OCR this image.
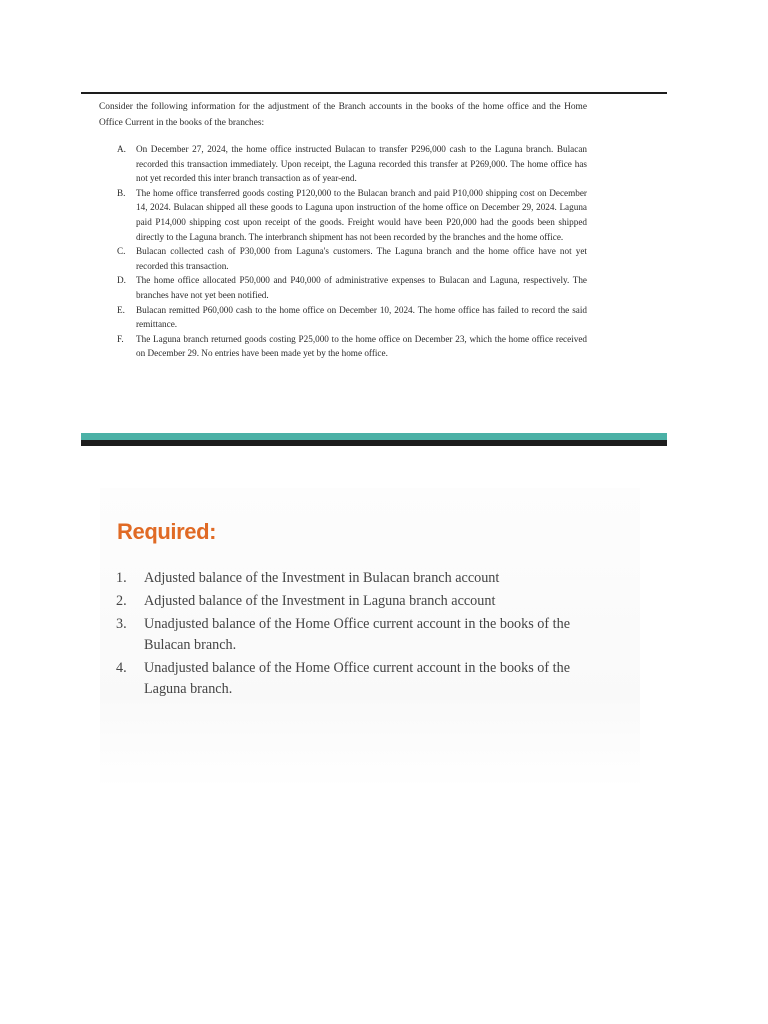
Consider the following information for the adjustment of the Branch accounts in the books of the home office and the Home Office Current in the books of the branches:

A. On December 27, 2024, the home office instructed Bulacan to transfer P296,000 cash to the Laguna branch. Bulacan recorded this transaction immediately. Upon receipt, the Laguna recorded this transfer at P269,000. The home office has not yet recorded this inter branch transaction as of year-end.
B. The home office transferred goods costing P120,000 to the Bulacan branch and paid P10,000 shipping cost on December 14, 2024. Bulacan shipped all these goods to Laguna upon instruction of the home office on December 29, 2024. Laguna paid P14,000 shipping cost upon receipt of the goods. Freight would have been P20,000 had the goods been shipped directly to the Laguna branch. The interbranch shipment has not been recorded by the branches and the home office.
C. Bulacan collected cash of P30,000 from Laguna's customers. The Laguna branch and the home office have not yet recorded this transaction.
D. The home office allocated P50,000 and P40,000 of administrative expenses to Bulacan and Laguna, respectively. The branches have not yet been notified.
E. Bulacan remitted P60,000 cash to the home office on December 10, 2024. The home office has failed to record the said remittance.
F. The Laguna branch returned goods costing P25,000 to the home office on December 23, which the home office received on December 29. No entries have been made yet by the home office.
Required:
1. Adjusted balance of the Investment in Bulacan branch account
2. Adjusted balance of the Investment in Laguna branch account
3. Unadjusted balance of the Home Office current account in the books of the Bulacan branch.
4. Unadjusted balance of the Home Office current account in the books of the Laguna branch.
